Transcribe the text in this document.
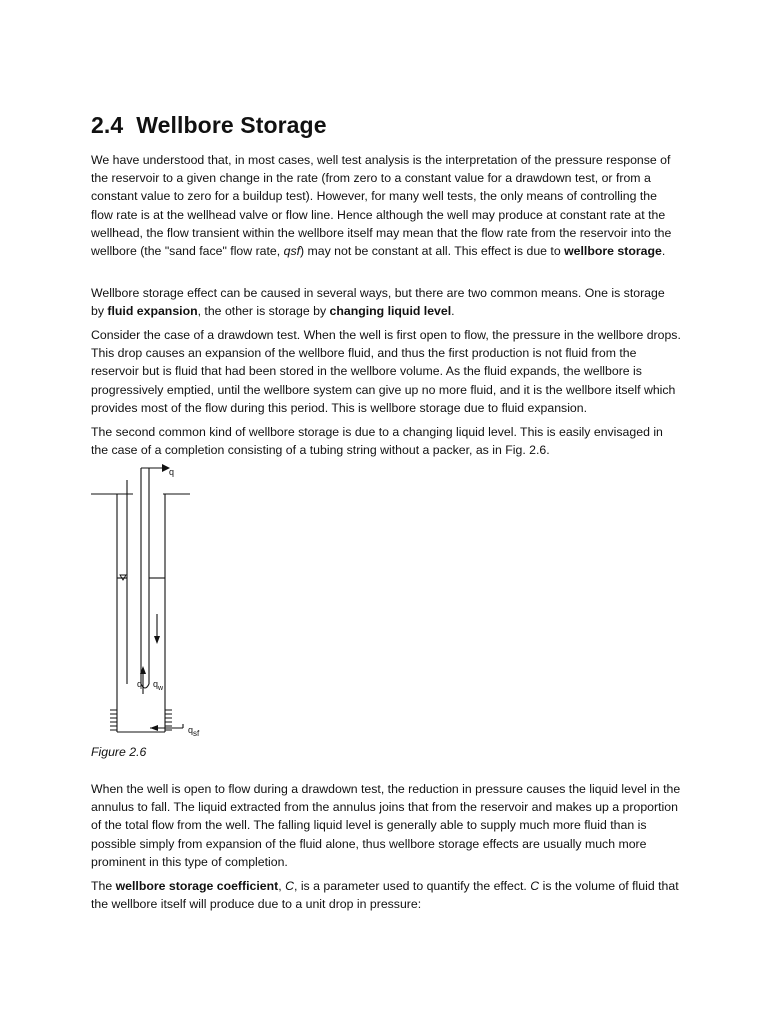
2.4 Wellbore Storage

We have understood that, in most cases, well test analysis is the interpretation of the pressure response of the reservoir to a given change in the rate (from zero to a constant value for a drawdown test, or from a constant value to zero for a buildup test). However, for many well tests, the only means of controlling the flow rate is at the wellhead valve or flow line. Hence although the well may produce at constant rate at the wellhead, the flow transient within the wellbore itself may mean that the flow rate from the reservoir into the wellbore (the "sand face" flow rate, qsf) may not be constant at all. This effect is due to wellbore storage.

Wellbore storage effect can be caused in several ways, but there are two common means. One is storage by fluid expansion, the other is storage by changing liquid level.

Consider the case of a drawdown test. When the well is first open to flow, the pressure in the wellbore drops. This drop causes an expansion of the wellbore fluid, and thus the first production is not fluid from the reservoir but is fluid that had been stored in the wellbore volume. As the fluid expands, the wellbore is progressively emptied, until the wellbore system can give up no more fluid, and it is the wellbore itself which provides most of the flow during this period. This is wellbore storage due to fluid expansion.

The second common kind of wellbore storage is due to a changing liquid level. This is easily envisaged in the case of a completion consisting of a tubing string without a packer, as in Fig. 2.6.

Figure 2.6

When the well is open to flow during a drawdown test, the reduction in pressure causes the liquid level in the annulus to fall. The liquid extracted from the annulus joins that from the reservoir and makes up a proportion of the total flow from the well. The falling liquid level is generally able to supply much more fluid than is possible simply from expansion of the fluid alone, thus wellbore storage effects are usually much more prominent in this type of completion.

The wellbore storage coefficient, C, is a parameter used to quantify the effect. C is the volume of fluid that the wellbore itself will produce due to a unit drop in pressure:

q
q $q_w$
qsf
